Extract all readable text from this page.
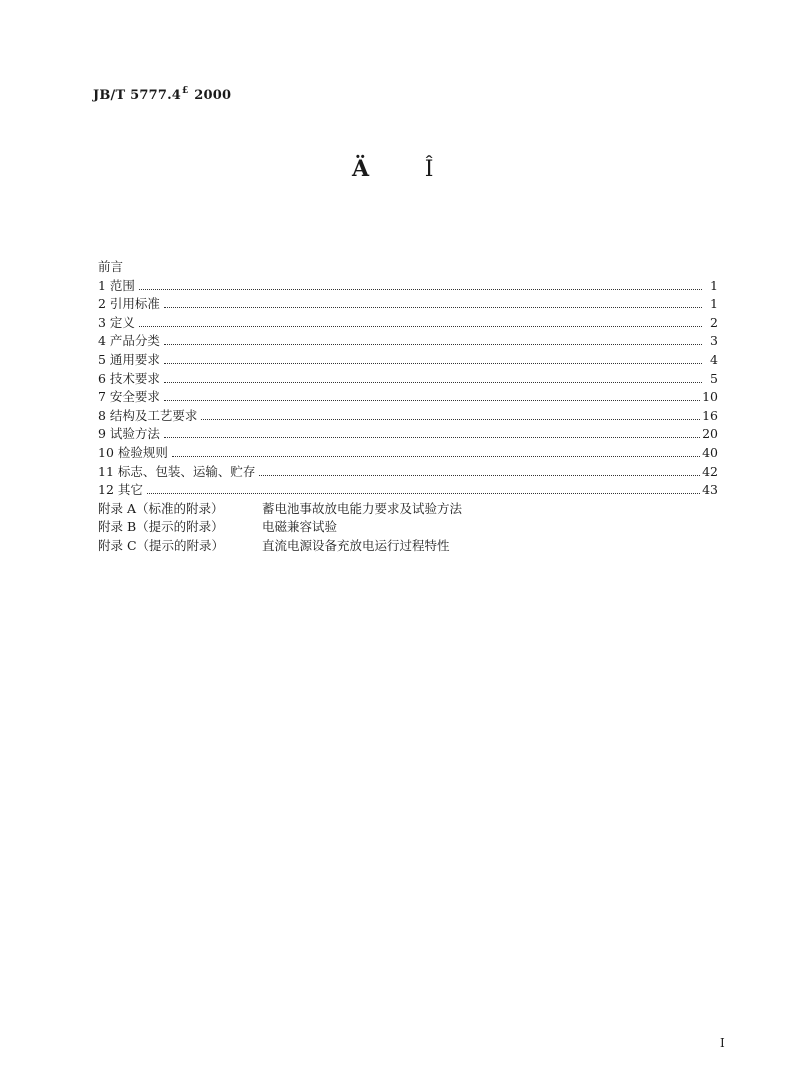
JB/T 5777.4£ 2000
Ä	Î
前言
1 范围	1
2 引用标准	1
3 定义	2
4 产品分类	3
5 通用要求	4
6 技术要求	5
7 安全要求	10
8 结构及工艺要求	16
9 试验方法	20
10 检验规则	40
11 标志、包装、运输、贮存	42
12 其它	43
附录 A（标准的附录）	蓄电池事故放电能力要求及试验方法
附录 B（提示的附录）	电磁兼容试验
附录 C（提示的附录）	直流电源设备充放电运行过程特性
I
